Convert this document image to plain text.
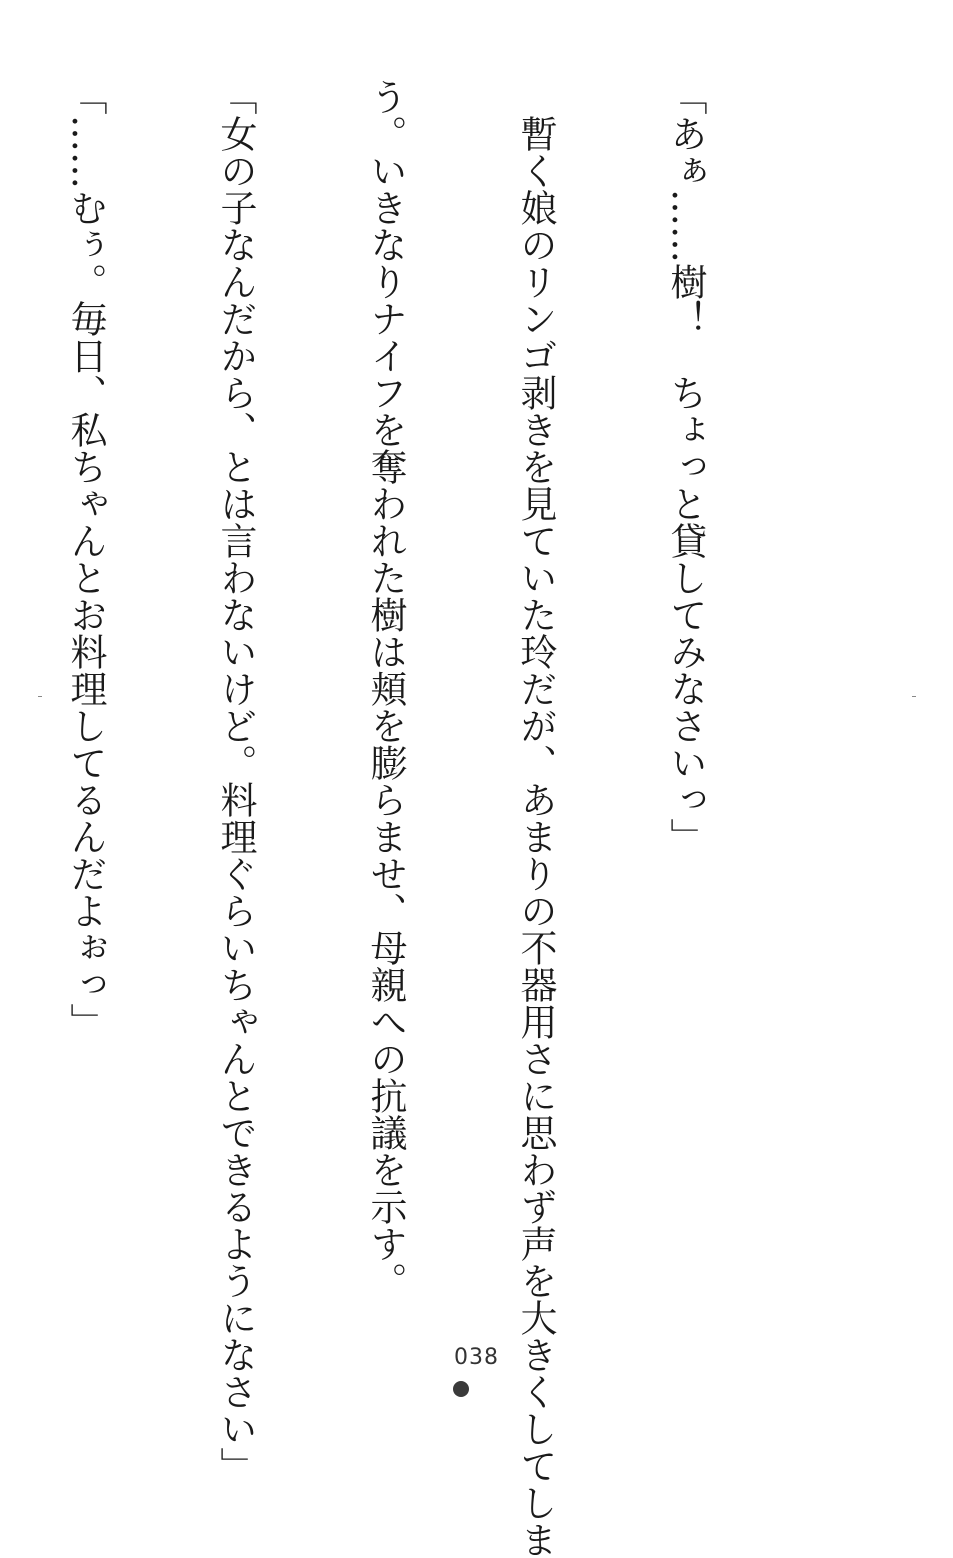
「あぁ……樹！　ちょっと貸してみなさいっ」

　暫く娘のリンゴ剥きを見ていた玲だが、あまりの不器用さに思わず声を大きくしてしま

う。いきなりナイフを奪われた樹は頬を膨らませ、母親への抗議を示す。

「女の子なんだから、とは言わないけど。料理ぐらいちゃんとできるようになさい」

「……むぅ。毎日、私ちゃんとお料理してるんだよぉっ」

038
